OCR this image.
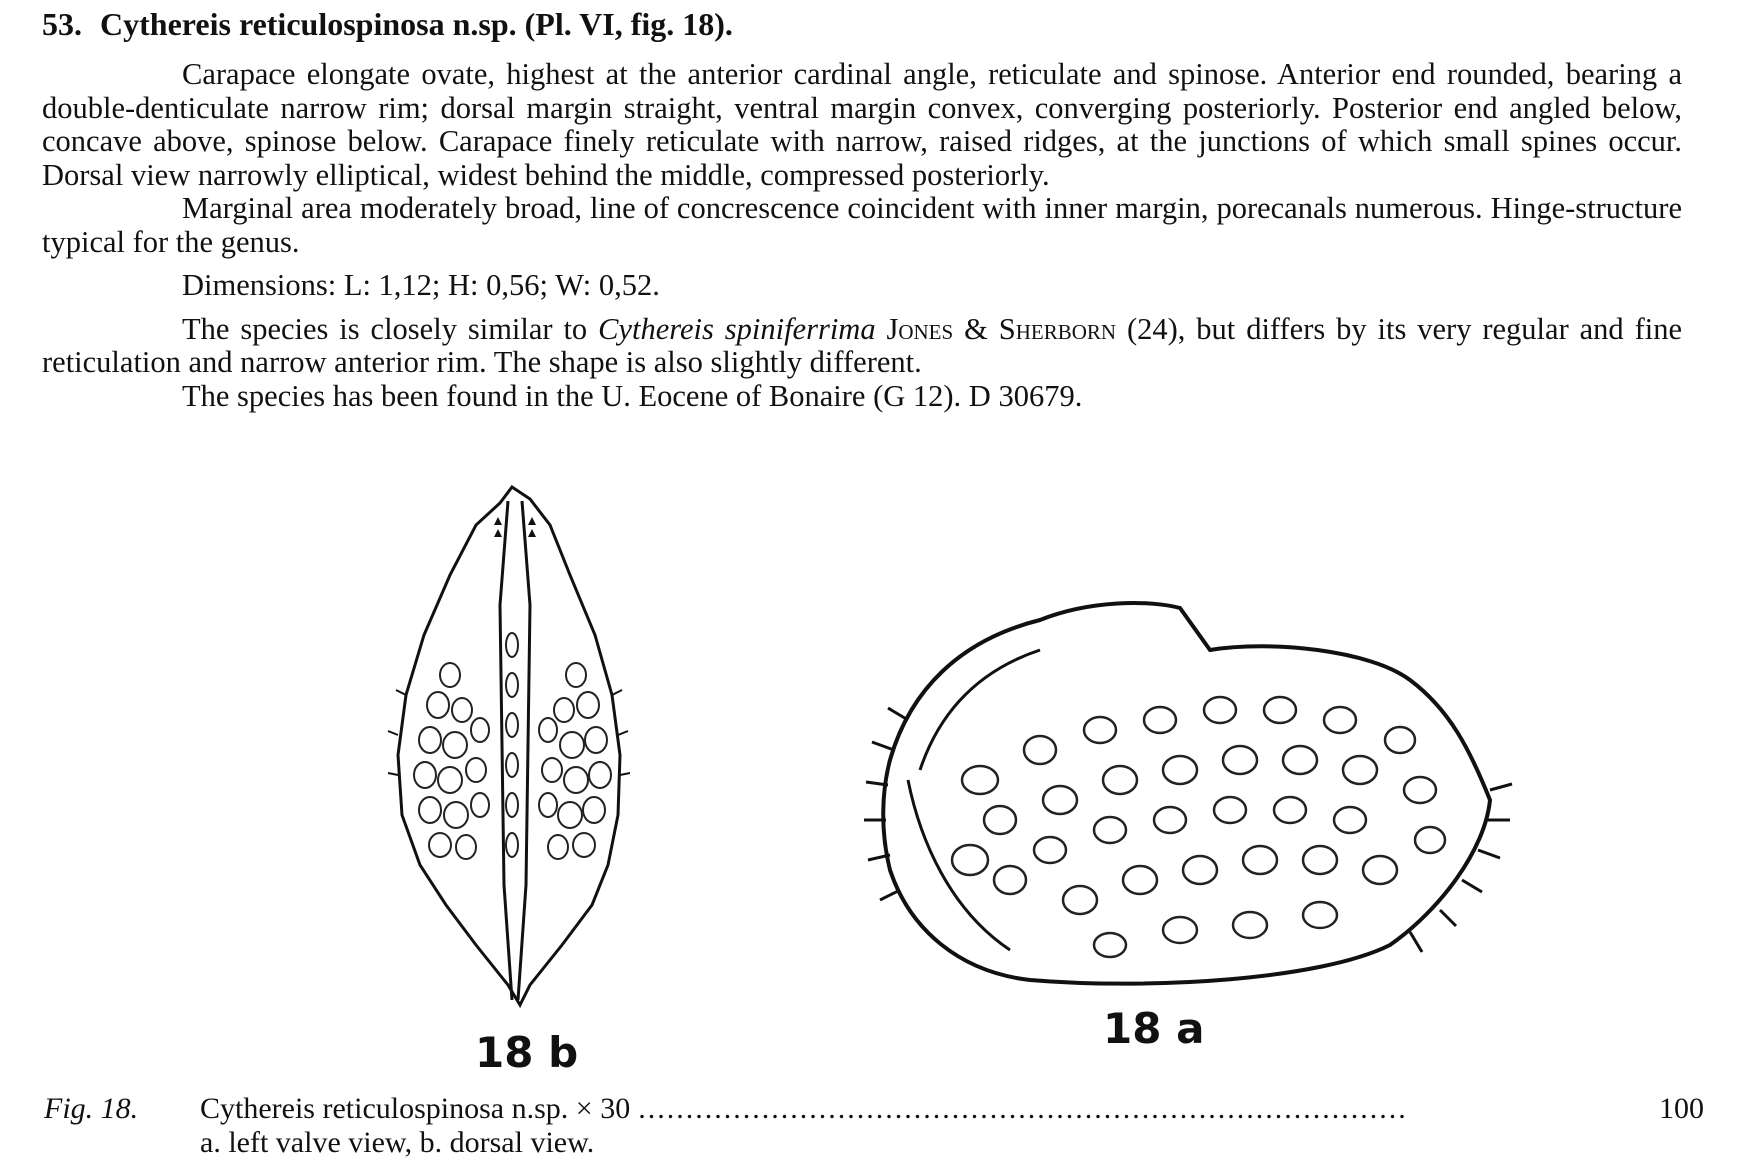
53. Cythereis reticulospinosa n.sp. (Pl. VI, fig. 18).

Carapace elongate ovate, highest at the anterior cardinal angle, reticulate and spinose. Anterior end rounded, bearing a double-denticulate narrow rim; dorsal margin straight, ventral margin convex, converging posteriorly. Posterior end angled below, concave above, spinose below. Carapace finely reticulate with narrow, raised ridges, at the junctions of which small spines occur. Dorsal view narrowly elliptical, widest behind the middle, compressed posteriorly.

Marginal area moderately broad, line of concrescence coincident with inner margin, porecanals numerous. Hinge-structure typical for the genus.

Dimensions: L: 1,12; H: 0,56; W: 0,52.

The species is closely similar to Cythereis spiniferrima Jones & Sherborn (24), but differs by its very regular and fine reticulation and narrow anterior rim. The shape is also slightly different.

The species has been found in the U. Eocene of Bonaire (G 12). D 30679.

18 b	18 a
Fig. 18.	Cythereis reticulospinosa n.sp. × 30 .................................................................................	100
a. left valve view, b. dorsal view.
